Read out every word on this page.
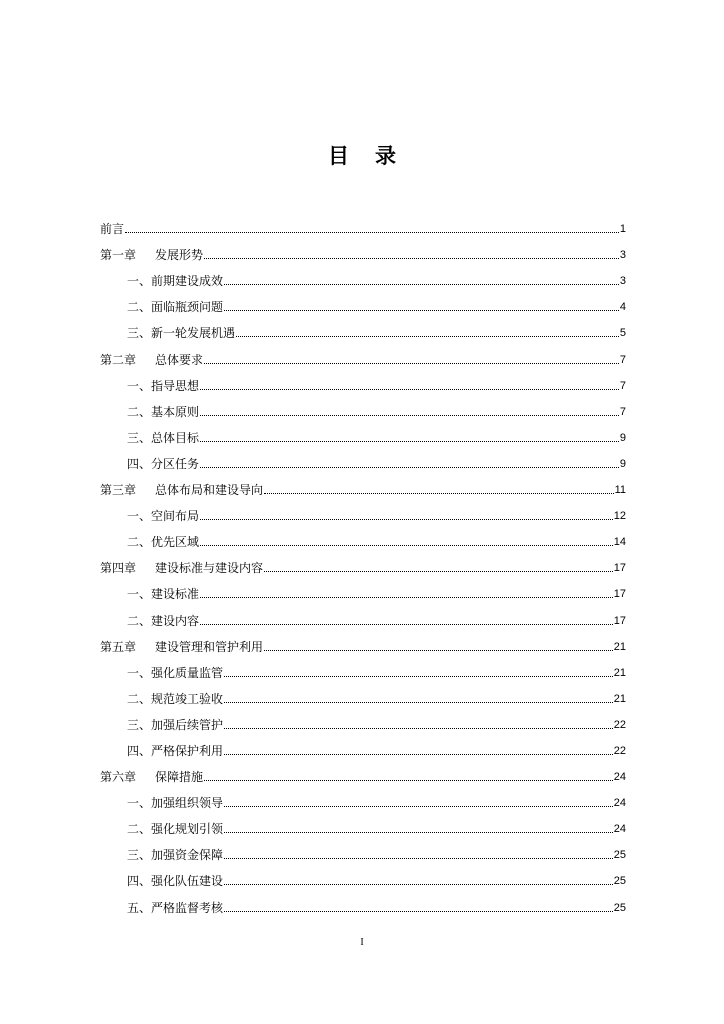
目 录
前言	1
第一章	发展形势	3
一、前期建设成效	3
二、面临瓶颈问题	4
三、新一轮发展机遇	5
第二章	总体要求	7
一、指导思想	7
二、基本原则	7
三、总体目标	9
四、分区任务	9
第三章	总体布局和建设导向	11
一、空间布局	12
二、优先区域	14
第四章	建设标准与建设内容	17
一、建设标准	17
二、建设内容	17
第五章	建设管理和管护利用	21
一、强化质量监管	21
二、规范竣工验收	21
三、加强后续管护	22
四、严格保护利用	22
第六章	保障措施	24
一、加强组织领导	24
二、强化规划引领	24
三、加强资金保障	25
四、强化队伍建设	25
五、严格监督考核	25
I
